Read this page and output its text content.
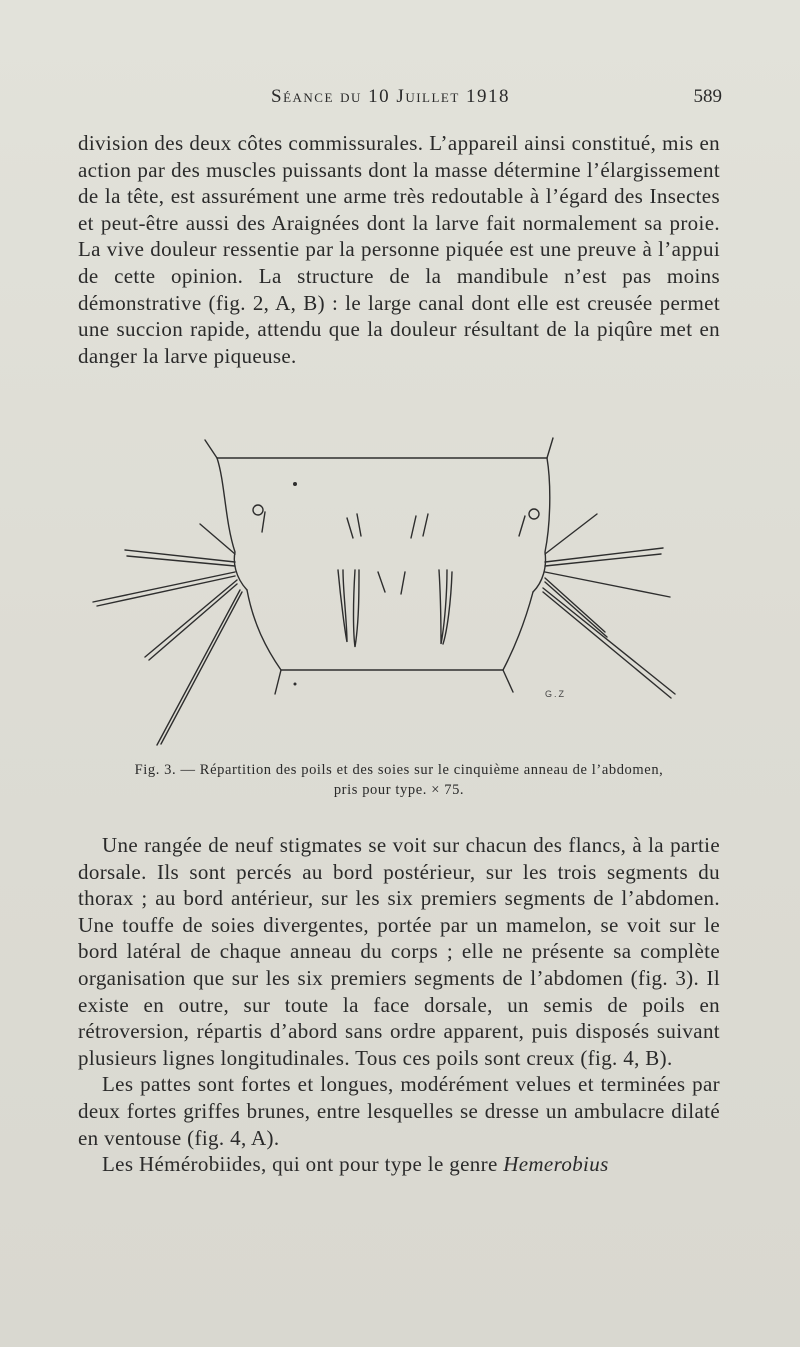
Séance du 10 Juillet 1918	589

division des deux côtes commissurales. L’appareil ainsi constitué, mis en action par des muscles puissants dont la masse détermine l’élargissement de la tête, est assurément une arme très redoutable à l’égard des Insectes et peut-être aussi des Araignées dont la larve fait normalement sa proie. La vive douleur ressentie par la personne piquée est une preuve à l’appui de cette opinion. La structure de la mandibule n’est pas moins démonstrative (fig. 2, A, B) : le large canal dont elle est creusée permet une succion rapide, attendu que la douleur résultant de la piqûre met en danger la larve piqueuse.

G.Z
Fig. 3. — Répartition des poils et des soies sur le cinquième anneau de l’abdomen,
pris pour type. × 75.

Une rangée de neuf stigmates se voit sur chacun des flancs, à la partie dorsale. Ils sont percés au bord postérieur, sur les trois segments du thorax ; au bord antérieur, sur les six premiers segments de l’abdomen. Une touffe de soies divergentes, portée par un mamelon, se voit sur le bord latéral de chaque anneau du corps ; elle ne présente sa complète organisation que sur les six premiers segments de l’abdomen (fig. 3). Il existe en outre, sur toute la face dorsale, un semis de poils en rétroversion, répartis d’abord sans ordre apparent, puis disposés suivant plusieurs lignes longitudinales. Tous ces poils sont creux (fig. 4, B).

Les pattes sont fortes et longues, modérément velues et terminées par deux fortes griffes brunes, entre lesquelles se dresse un ambulacre dilaté en ventouse (fig. 4, A).

Les Hémérobiides, qui ont pour type le genre Hemerobius
